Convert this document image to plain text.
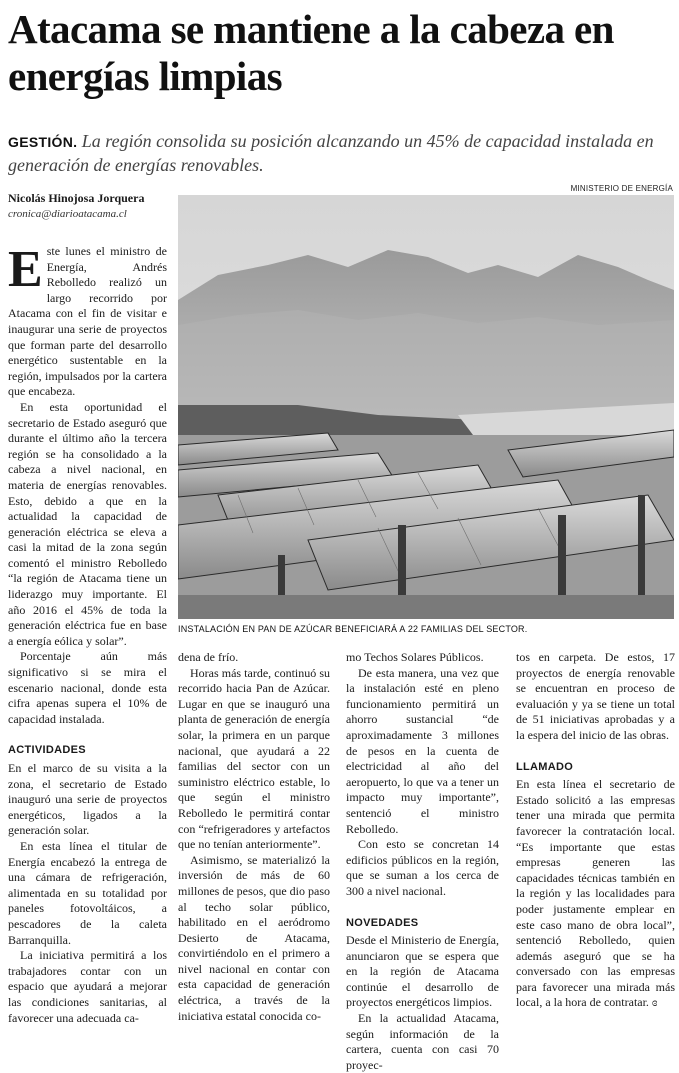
Atacama se mantiene a la cabeza en energías limpias
GESTIÓN. La región consolida su posición alcanzando un 45% de capacidad instalada en generación de energías renovables.
Nicolás Hinojosa Jorquera
cronica@diarioatacama.cl
MINISTERIO DE ENERGÍA
INSTALACIÓN EN PAN DE AZÚCAR BENEFICIARÁ A 22 FAMILIAS DEL SECTOR.

Este lunes el ministro de Energía, Andrés Rebolledo realizó un largo recorrido por Atacama con el fin de visitar e inaugurar una serie de proyectos que forman parte del desarrollo energético sustentable en la región, impulsados por la cartera que encabeza.

En esta oportunidad el secretario de Estado aseguró que durante el último año la tercera región se ha consolidado a la cabeza a nivel nacional, en materia de energías renovables. Esto, debido a que en la actualidad la capacidad de generación eléctrica se eleva a casi la mitad de la zona según comentó el ministro Rebolledo “la región de Atacama tiene un liderazgo muy importante. El año 2016 el 45% de toda la generación eléctrica fue en base a energía eólica y solar”.

Porcentaje aún más significativo si se mira el escenario nacional, donde esta cifra apenas supera el 10% de capacidad instalada.

ACTIVIDADES

En el marco de su visita a la zona, el secretario de Estado inauguró una serie de proyectos energéticos, ligados a la generación solar.

En esta línea el titular de Energía encabezó la entrega de una cámara de refrigeración, alimentada en su totalidad por paneles fotovoltáicos, a pescadores de la caleta Barranquilla.

La iniciativa permitirá a los trabajadores contar con un espacio que ayudará a mejorar las condiciones sanitarias, al favorecer una adecuada ca-

dena de frío.

Horas más tarde, continuó su recorrido hacia Pan de Azúcar. Lugar en que se inauguró una planta de generación de energía solar, la primera en un parque nacional, que ayudará a 22 familias del sector con un suministro eléctrico estable, lo que según el ministro Rebolledo le permitirá contar con “refrigeradores y artefactos que no tenían anteriormente”.

Asimismo, se materializó la inversión de más de 60 millones de pesos, que dio paso al techo solar público, habilitado en el aeródromo Desierto de Atacama, convirtiéndolo en el primero a nivel nacional en contar con esta capacidad de generación eléctrica, a través de la iniciativa estatal conocida co-

mo Techos Solares Públicos.

De esta manera, una vez que la instalación esté en pleno funcionamiento permitirá un ahorro sustancial “de aproximadamente 3 millones de pesos en la cuenta de electricidad al año del aeropuerto, lo que va a tener un impacto muy importante”, sentenció el ministro Rebolledo.

Con esto se concretan 14 edificios públicos en la región, que se suman a los cerca de 300 a nivel nacional.

NOVEDADES

Desde el Ministerio de Energía, anunciaron que se espera que en la región de Atacama continúe el desarrollo de proyectos energéticos limpios.

En la actualidad Atacama, según información de la cartera, cuenta con casi 70 proyec-

tos en carpeta. De estos, 17 proyectos de energía renovable se encuentran en proceso de evaluación y ya se tiene un total de 51 iniciativas aprobadas y a la espera del inicio de las obras.

LLAMADO

En esta línea el secretario de Estado solicitó a las empresas tener una mirada que permita favorecer la contratación local. “Es importante que estas empresas generen las capacidades técnicas también en la región y las localidades para poder justamente emplear en este caso mano de obra local”, sentenció Rebolledo, quien además aseguró que se ha conversado con las empresas para favorecer una mirada más local, a la hora de contratar. ɞ
